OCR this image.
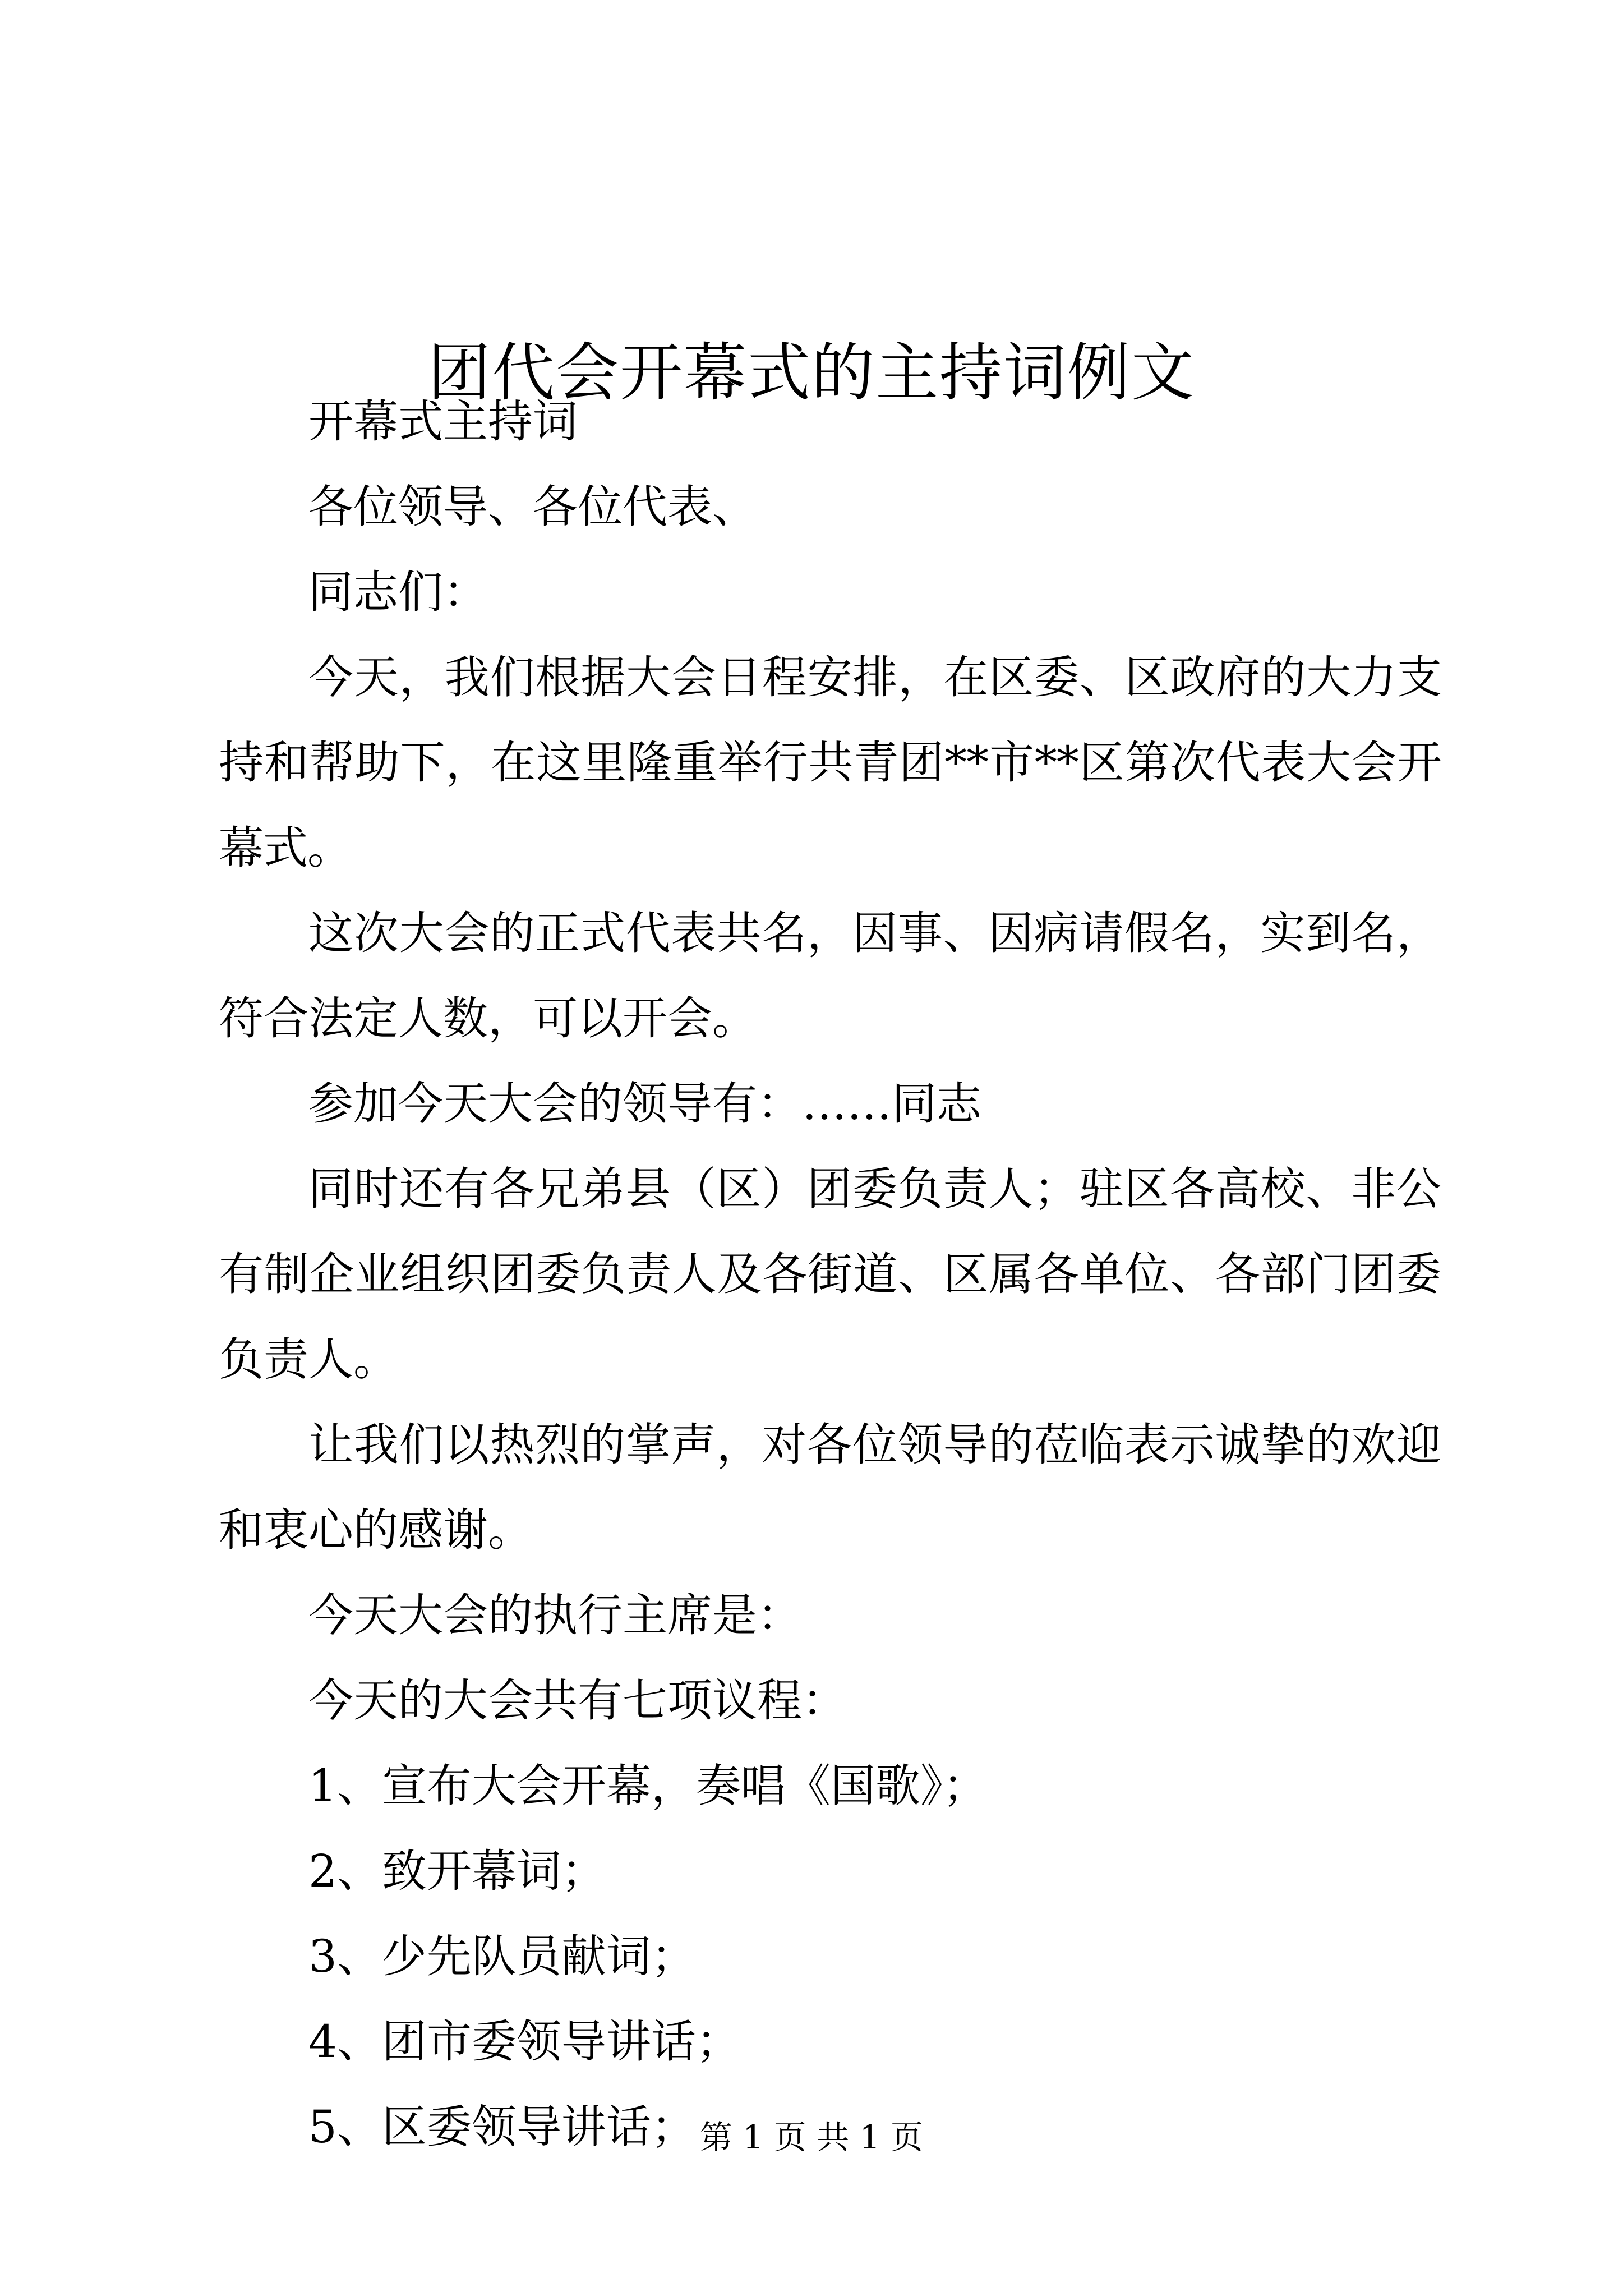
团代会开幕式的主持词例文

开幕式主持词

各位领导、各位代表、

同志们：

今天，我们根据大会日程安排，在区委、区政府的大力支持和帮助下，在这里隆重举行共青团**市**区第次代表大会开幕式。

这次大会的正式代表共名，因事、因病请假名，实到名，符合法定人数，可以开会。

参加今天大会的领导有：……同志

同时还有各兄弟县（区）团委负责人；驻区各高校、非公有制企业组织团委负责人及各街道、区属各单位、各部门团委负责人。

让我们以热烈的掌声，对各位领导的莅临表示诚挚的欢迎和衷心的感谢。

今天大会的执行主席是：

今天的大会共有七项议程：

1、宣布大会开幕，奏唱《国歌》；

2、致开幕词；

3、少先队员献词；

4、团市委领导讲话；

5、区委领导讲话； 第 1 页 共 1 页
